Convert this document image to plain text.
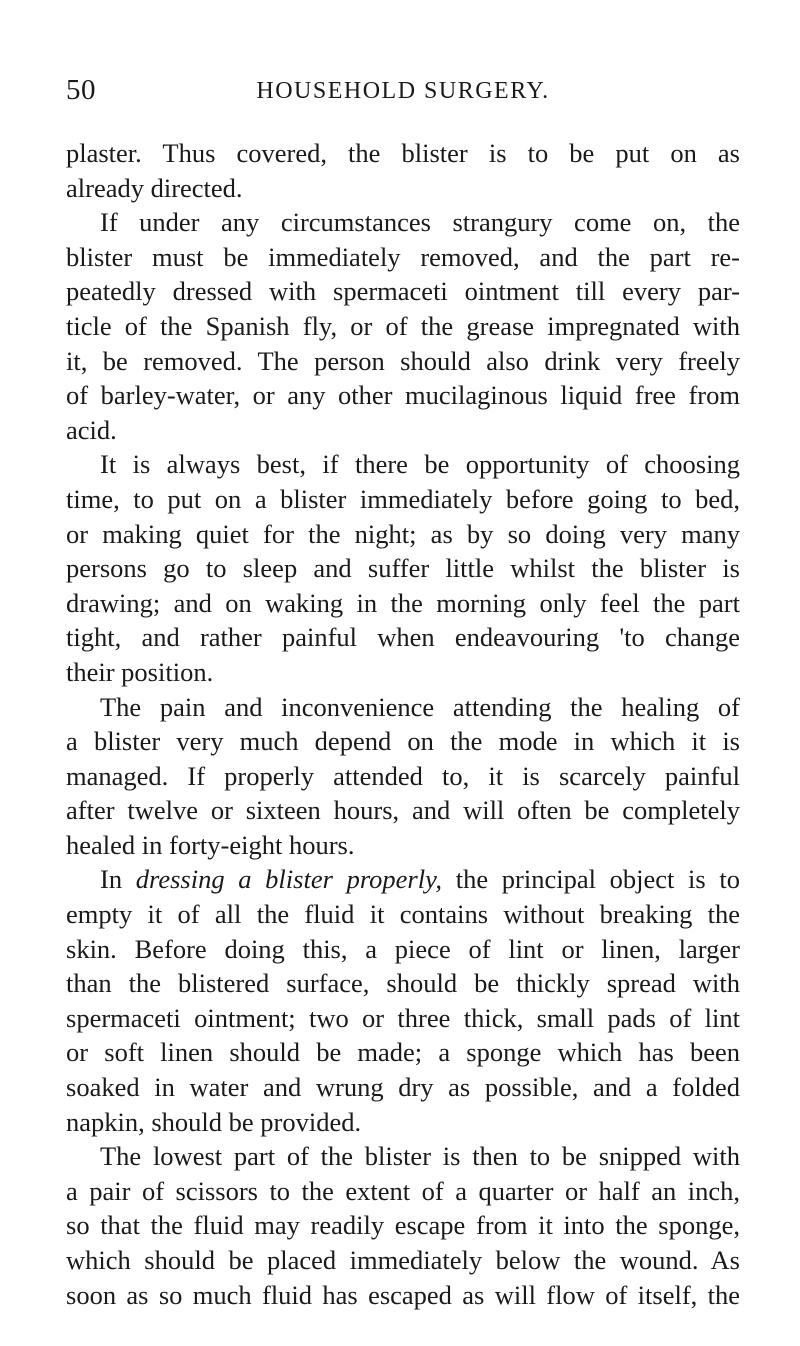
50	HOUSEHOLD SURGERY.
plaster. Thus covered, the blister is to be put on as
already directed.
If under any circumstances strangury come on, the
blister must be immediately removed, and the part re-
peatedly dressed with spermaceti ointment till every par-
ticle of the Spanish fly, or of the grease impregnated with
it, be removed. The person should also drink very freely
of barley-water, or any other mucilaginous liquid free from
acid.
It is always best, if there be opportunity of choosing
time, to put on a blister immediately before going to bed,
or making quiet for the night; as by so doing very many
persons go to sleep and suffer little whilst the blister is
drawing; and on waking in the morning only feel the part
tight, and rather painful when endeavouring 'to change
their position.
The pain and inconvenience attending the healing of
a blister very much depend on the mode in which it is
managed. If properly attended to, it is scarcely painful
after twelve or sixteen hours, and will often be completely
healed in forty-eight hours.
In dressing a blister properly, the principal object is to
empty it of all the fluid it contains without breaking the
skin. Before doing this, a piece of lint or linen, larger
than the blistered surface, should be thickly spread with
spermaceti ointment; two or three thick, small pads of lint
or soft linen should be made; a sponge which has been
soaked in water and wrung dry as possible, and a folded
napkin, should be provided.
The lowest part of the blister is then to be snipped with
a pair of scissors to the extent of a quarter or half an inch,
so that the fluid may readily escape from it into the sponge,
which should be placed immediately below the wound. As
soon as so much fluid has escaped as will flow of itself, the
